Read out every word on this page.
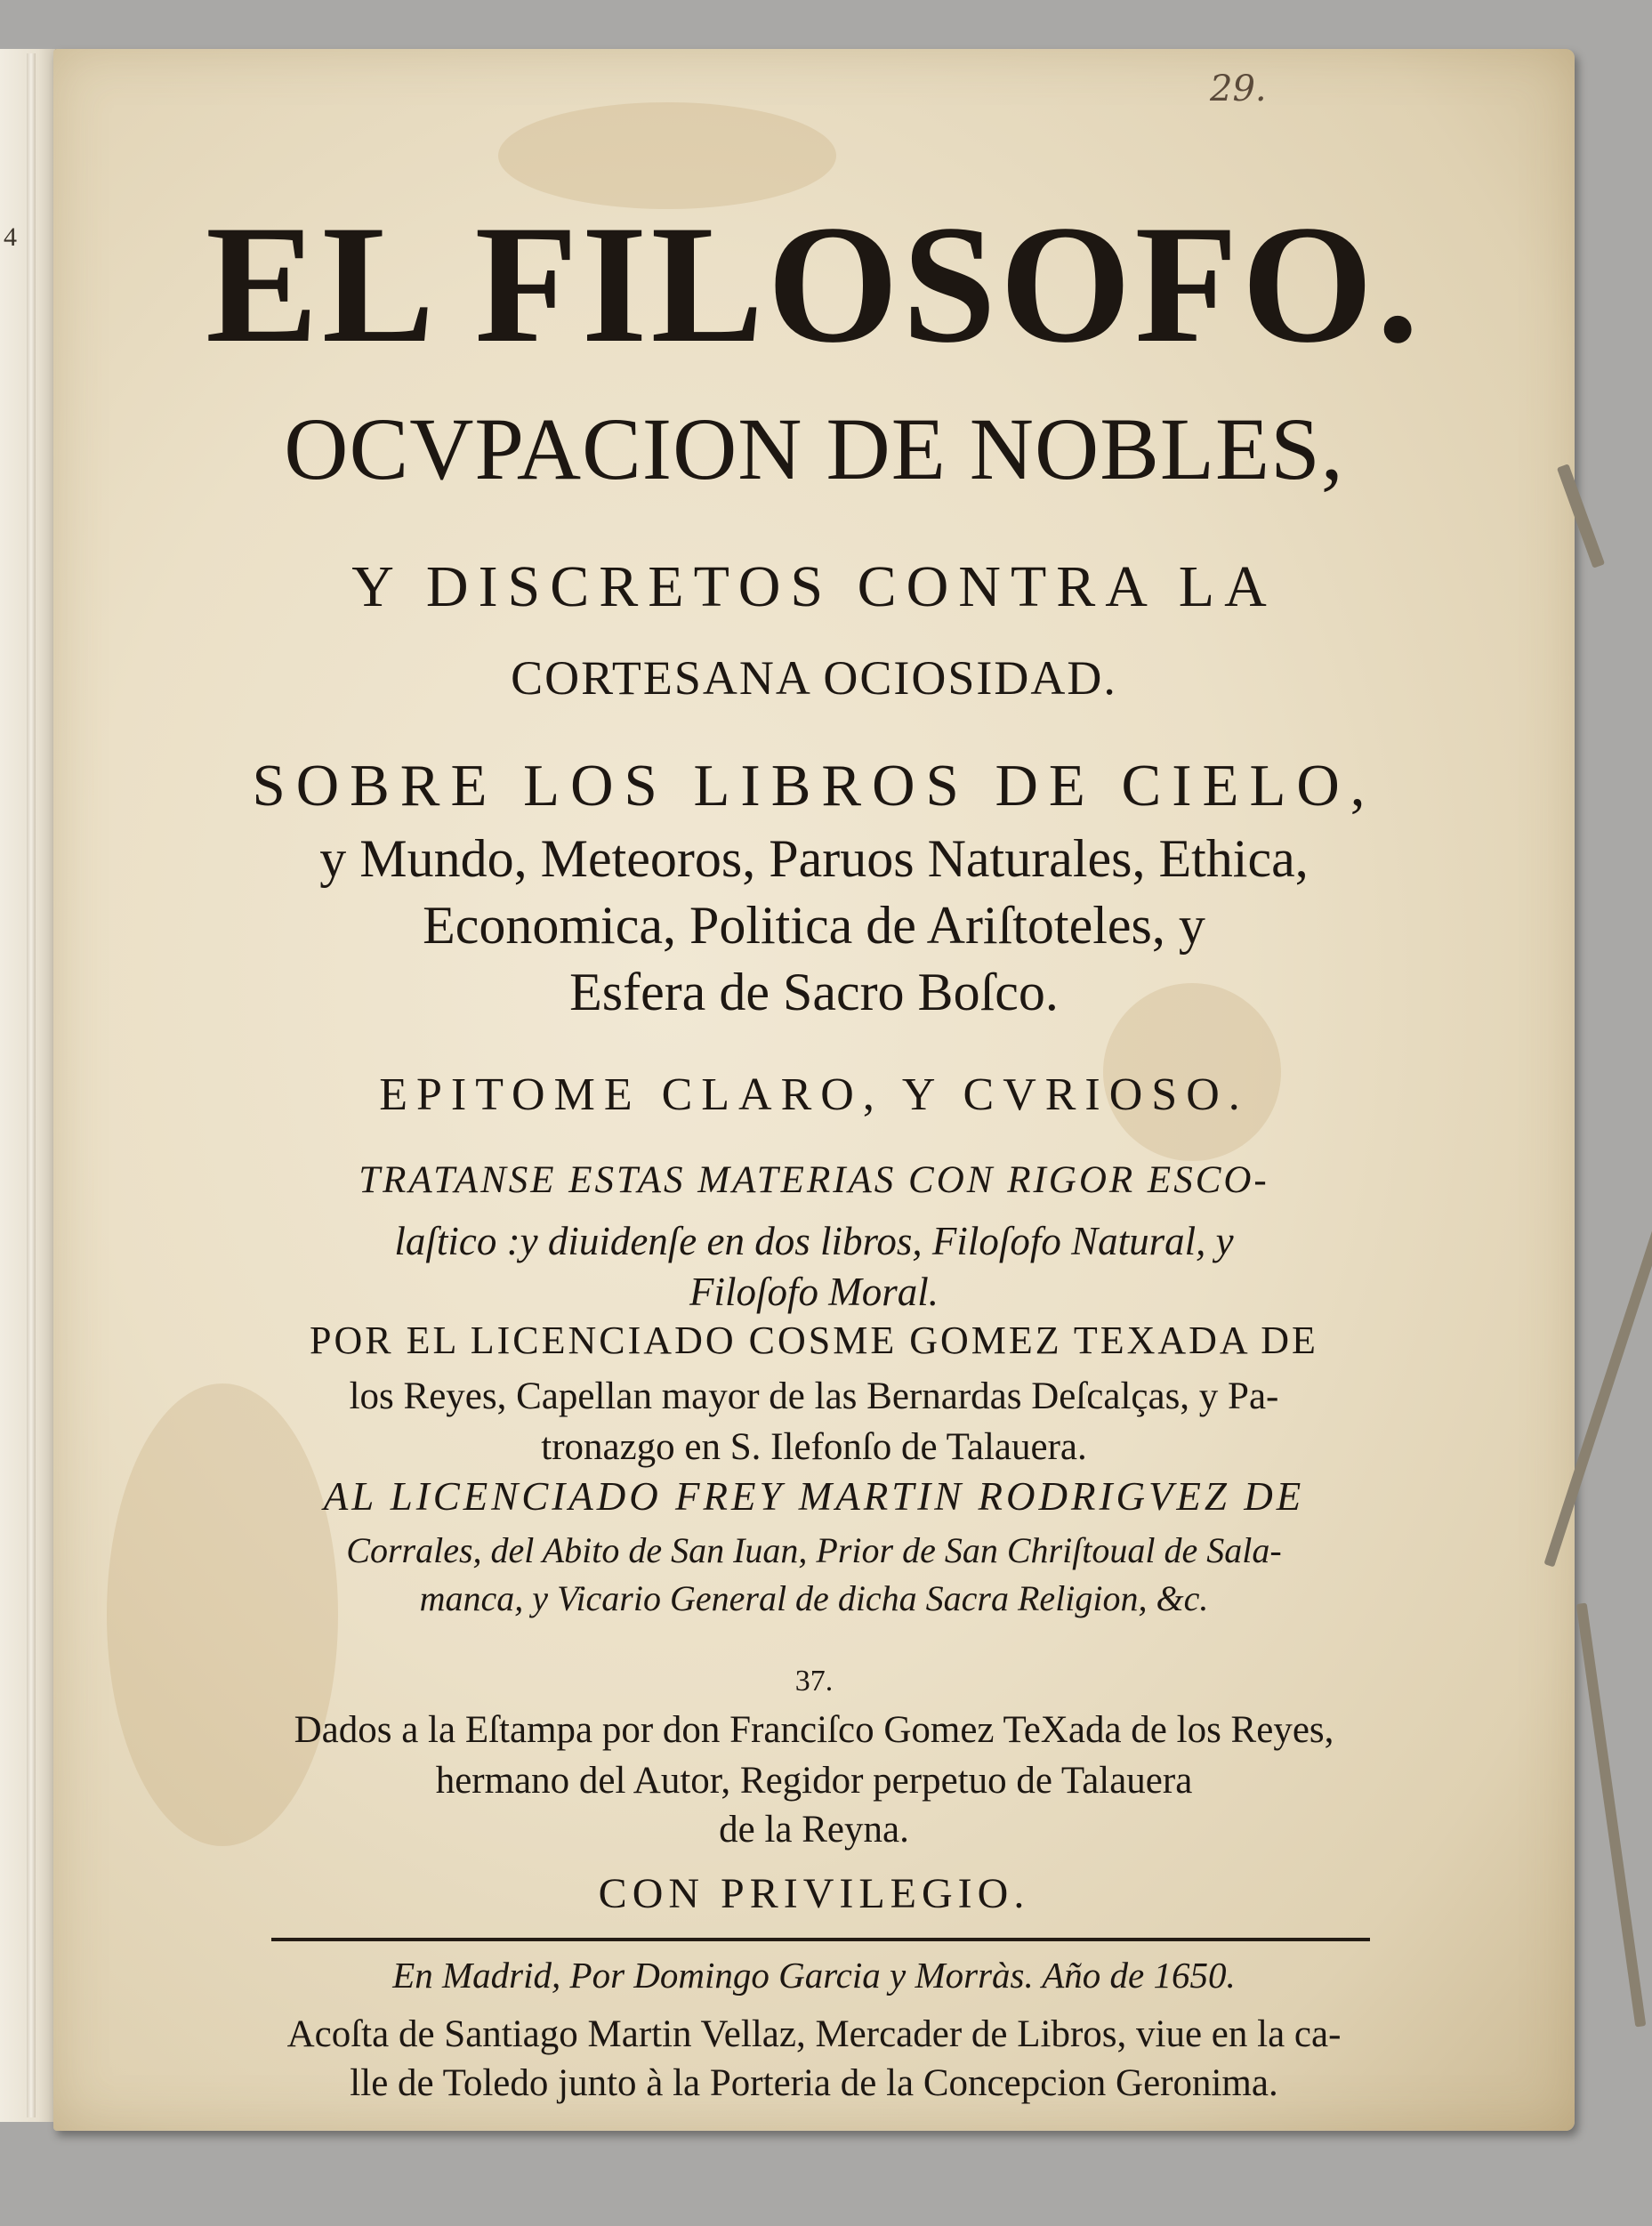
4
29.

EL FILOSOFO.

OCVPACION DE NOBLES,

Y DISCRETOS CONTRA LA

CORTESANA OCIOSIDAD.

SOBRE LOS LIBROS DE CIELO,

y Mundo, Meteoros, Paruos Naturales, Ethica,

Economica, Politica de Ariſtoteles, y

Esfera de Sacro Boſco.

EPITOME CLARO, Y CVRIOSO.

TRATANSE ESTAS MATERIAS CON RIGOR ESCO-

laſtico :y diuidenſe en dos libros, Filoſofo Natural, y

Filoſofo Moral.

POR EL LICENCIADO COSME GOMEZ TEXADA DE

los Reyes, Capellan mayor de las Bernardas Deſcalças, y Pa-

tronazgo en S. Ilefonſo de Talauera.

AL LICENCIADO FREY MARTIN RODRIGVEZ DE

Corrales, del Abito de San Iuan, Prior de San Chriſtoual de Sala-

manca, y Vicario General de dicha Sacra Religion, &c.

37.

Dados a la Eſtampa por don Franciſco Gomez TeXada de los Reyes,

hermano del Autor, Regidor perpetuo de Talauera

de la Reyna.

CON PRIVILEGIO.

En Madrid, Por Domingo Garcia y Morràs. Año de 1650.

Acoſta de Santiago Martin Vellaz, Mercader de Libros, viue en la ca-

lle de Toledo junto à la Porteria de la Concepcion Geronima.
